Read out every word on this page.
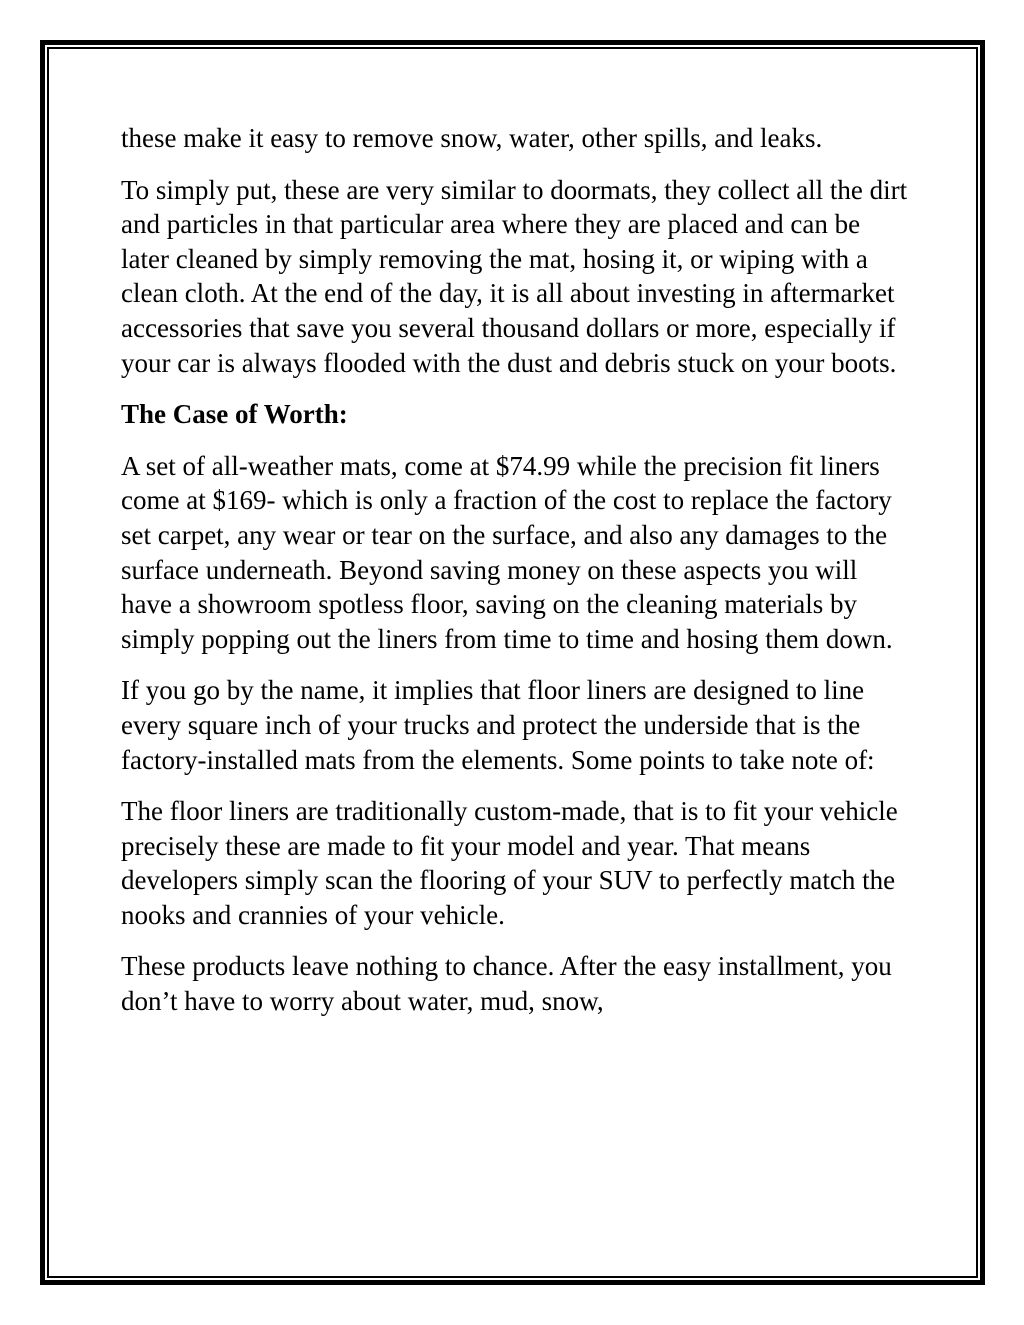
these make it easy to remove snow, water, other spills, and leaks.

To simply put, these are very similar to doormats, they collect all the dirt and particles in that particular area where they are placed and can be later cleaned by simply removing the mat, hosing it, or wiping with a clean cloth. At the end of the day, it is all about investing in aftermarket accessories that save you several thousand dollars or more, especially if your car is always flooded with the dust and debris stuck on your boots.

The Case of Worth:

A set of all-weather mats, come at $74.99 while the precision fit liners come at $169- which is only a fraction of the cost to replace the factory set carpet, any wear or tear on the surface, and also any damages to the surface underneath. Beyond saving money on these aspects you will have a showroom spotless floor, saving on the cleaning materials by simply popping out the liners from time to time and hosing them down.

If you go by the name, it implies that floor liners are designed to line every square inch of your trucks and protect the underside that is the factory-installed mats from the elements. Some points to take note of:

The floor liners are traditionally custom-made, that is to fit your vehicle precisely these are made to fit your model and year. That means developers simply scan the flooring of your SUV to perfectly match the nooks and crannies of your vehicle.

These products leave nothing to chance. After the easy installment, you don’t have to worry about water, mud, snow,
